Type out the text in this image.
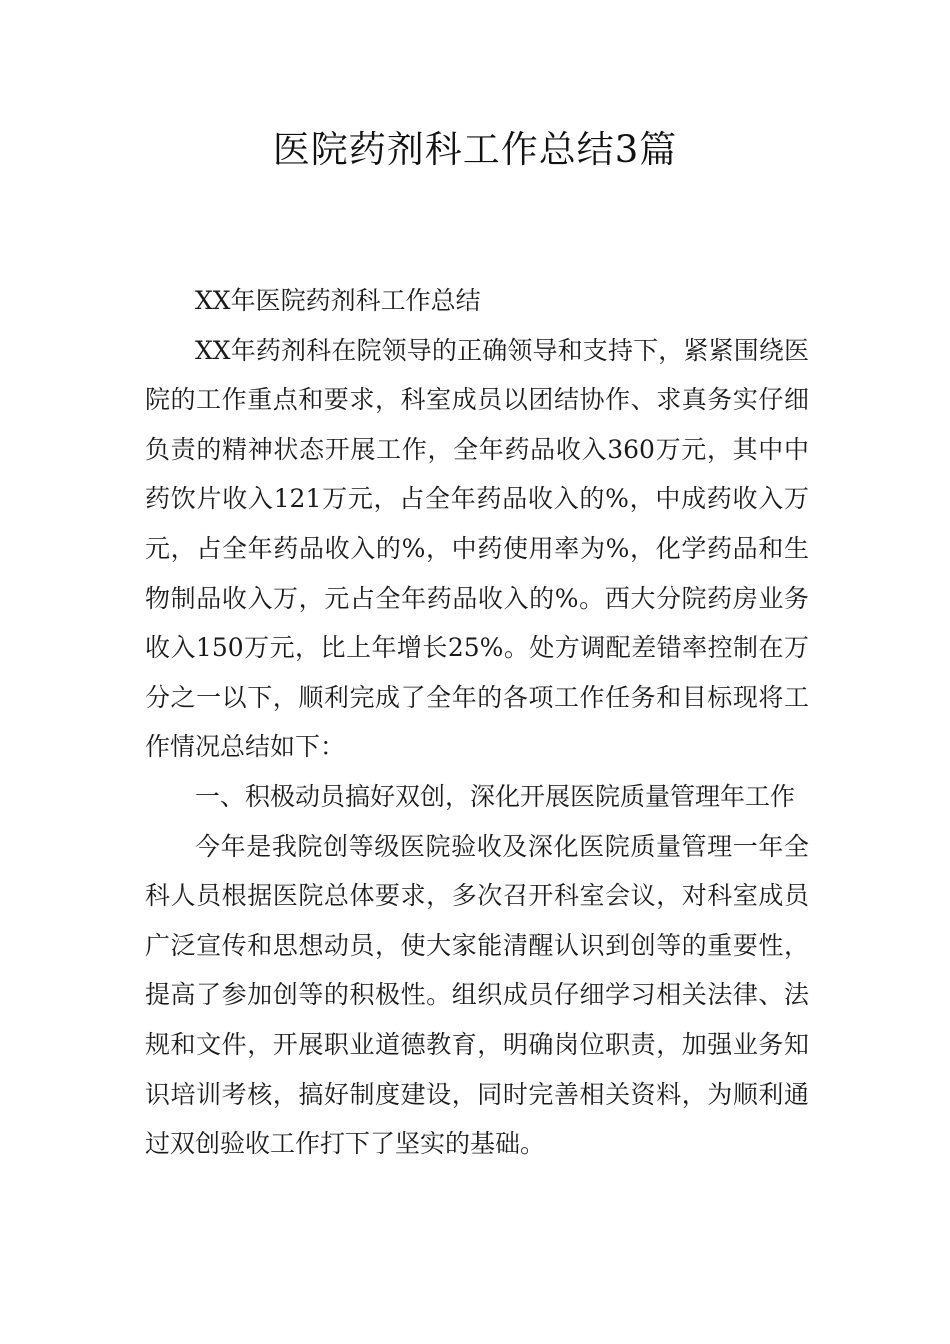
医院药剂科工作总结3篇

XX年医院药剂科工作总结

XX年药剂科在院领导的正确领导和支持下，紧紧围绕医院的工作重点和要求，科室成员以团结协作、求真务实仔细负责的精神状态开展工作，全年药品收入360万元，其中中药饮片收入121万元，占全年药品收入的%，中成药收入万元，占全年药品收入的%，中药使用率为%，化学药品和生物制品收入万，元占全年药品收入的%。西大分院药房业务收入150万元，比上年增长25%。处方调配差错率控制在万分之一以下，顺利完成了全年的各项工作任务和目标现将工作情况总结如下：

一、积极动员搞好双创，深化开展医院质量管理年工作

今年是我院创等级医院验收及深化医院质量管理一年全科人员根据医院总体要求，多次召开科室会议，对科室成员广泛宣传和思想动员，使大家能清醒认识到创等的重要性，提高了参加创等的积极性。组织成员仔细学习相关法律、法规和文件，开展职业道德教育，明确岗位职责，加强业务知识培训考核，搞好制度建设，同时完善相关资料，为顺利通过双创验收工作打下了坚实的基础。
